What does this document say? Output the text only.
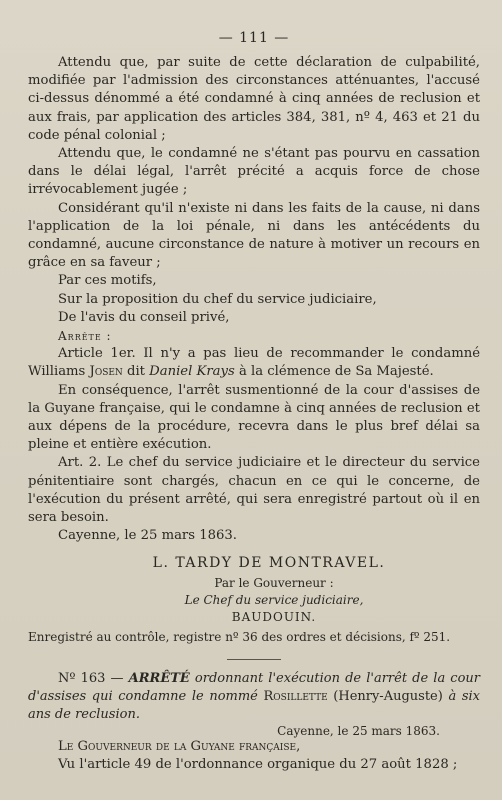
— 111 —

Attendu que, par suite de cette déclaration de culpabilité, modifiée par l'admission des circonstances atténuantes, l'accusé ci-dessus dénommé a été condamné à cinq années de reclusion et aux frais, par application des articles 384, 381, nº 4, 463 et 21 du code pénal colonial ;

Attendu que, le condamné ne s'étant pas pourvu en cassation dans le délai légal, l'arrêt précité a acquis force de chose irrévocablement jugée ;

Considérant qu'il n'existe ni dans les faits de la cause, ni dans l'application de la loi pénale, ni dans les antécédents du condamné, aucune circonstance de nature à motiver un recours en grâce en sa faveur ;

Par ces motifs,

Sur la proposition du chef du service judiciaire,

De l'avis du conseil privé,

Arrête :

Article 1er. Il n'y a pas lieu de recommander le condamné Williams Josen dit Daniel Krays à la clémence de Sa Majesté.

En conséquence, l'arrêt susmentionné de la cour d'assises de la Guyane française, qui le condamne à cinq années de reclusion et aux dépens de la procédure, recevra dans le plus bref délai sa pleine et entière exécution.

Art. 2. Le chef du service judiciaire et le directeur du service pénitentiaire sont chargés, chacun en ce qui le concerne, de l'exécution du présent arrêté, qui sera enregistré partout où il en sera besoin.

Cayenne, le 25 mars 1863.

L. TARDY DE MONTRAVEL.
Par le Gouverneur :
Le Chef du service judiciaire,
BAUDOUIN.
Enregistré au contrôle, registre nº 36 des ordres et décisions, fº 251.
Nº 163 — ARRÊTÉ ordonnant l'exécution de l'arrêt de la cour d'assises qui condamne le nommé Rosillette (Henry-Auguste) à six ans de reclusion.
Cayenne, le 25 mars 1863.

Le Gouverneur de la Guyane française,

Vu l'article 49 de l'ordonnance organique du 27 août 1828 ;
